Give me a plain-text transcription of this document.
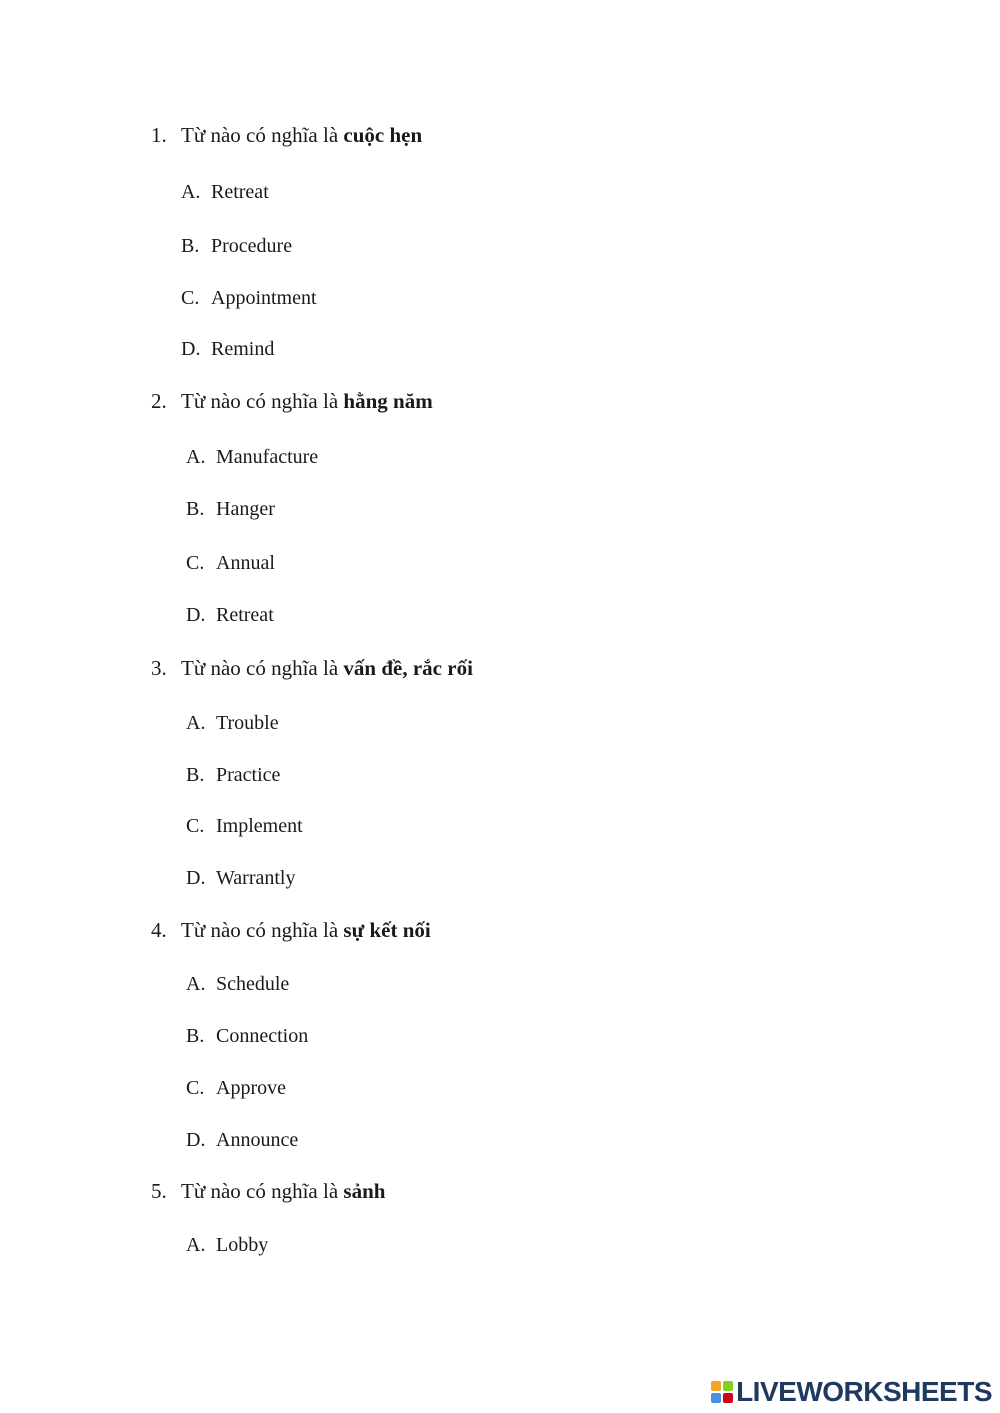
1. Từ nào có nghĩa là cuộc hẹn
A. Retreat
B. Procedure
C. Appointment
D. Remind
2. Từ nào có nghĩa là hằng năm
A. Manufacture
B. Hanger
C. Annual
D. Retreat
3. Từ nào có nghĩa là vấn đề, rắc rối
A. Trouble
B. Practice
C. Implement
D. Warrantly
4. Từ nào có nghĩa là sự kết nối
A. Schedule
B. Connection
C. Approve
D. Announce
5. Từ nào có nghĩa là sảnh
A. Lobby
LIVEWORKSHEETS
